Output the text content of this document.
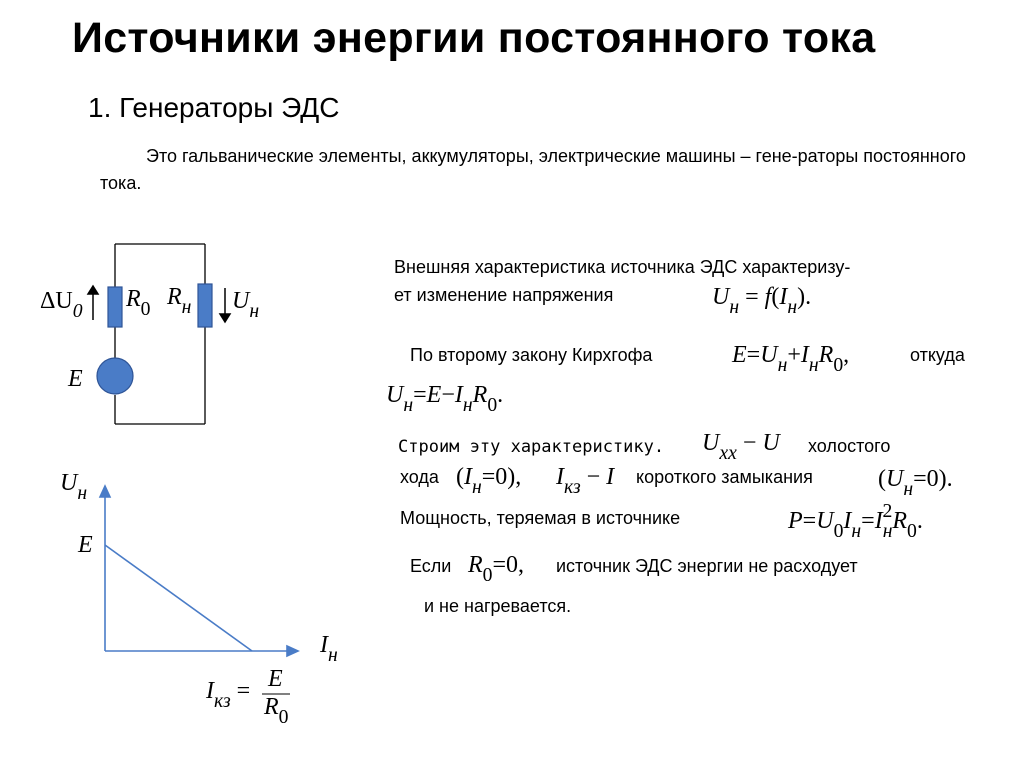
Источники энергии постоянного тока
1. Генераторы ЭДС
Это гальванические элементы, аккумуляторы, электрические машины – гене-раторы постоянного тока.
$\Delta U_0$ $R_0$ $R_н$ $U_н$
E
$U_н$
E
$I_н$
$I_{кз} = E$
$R_0$
Внешняя характеристика источника ЭДС характеризу-
ет изменение напряжения	$U_н = f(I_н)$.
По второму закону Кирхгофа	$E=U_н+I_нR_0$,	откуда
$U_н=E-I_нR_0$.
Строим эту характеристику. $U_{хх} - U$ холостого
хода $(I_н=0)$, $I_{кз} - I$ короткого замыкания	$(U_н=0)$.
Мощность, теряемая в источнике	$P=U_0I_н=I_н^2R_0$.
Если $R_0=0$, источник ЭДС энергии не расходует
и не нагревается.
